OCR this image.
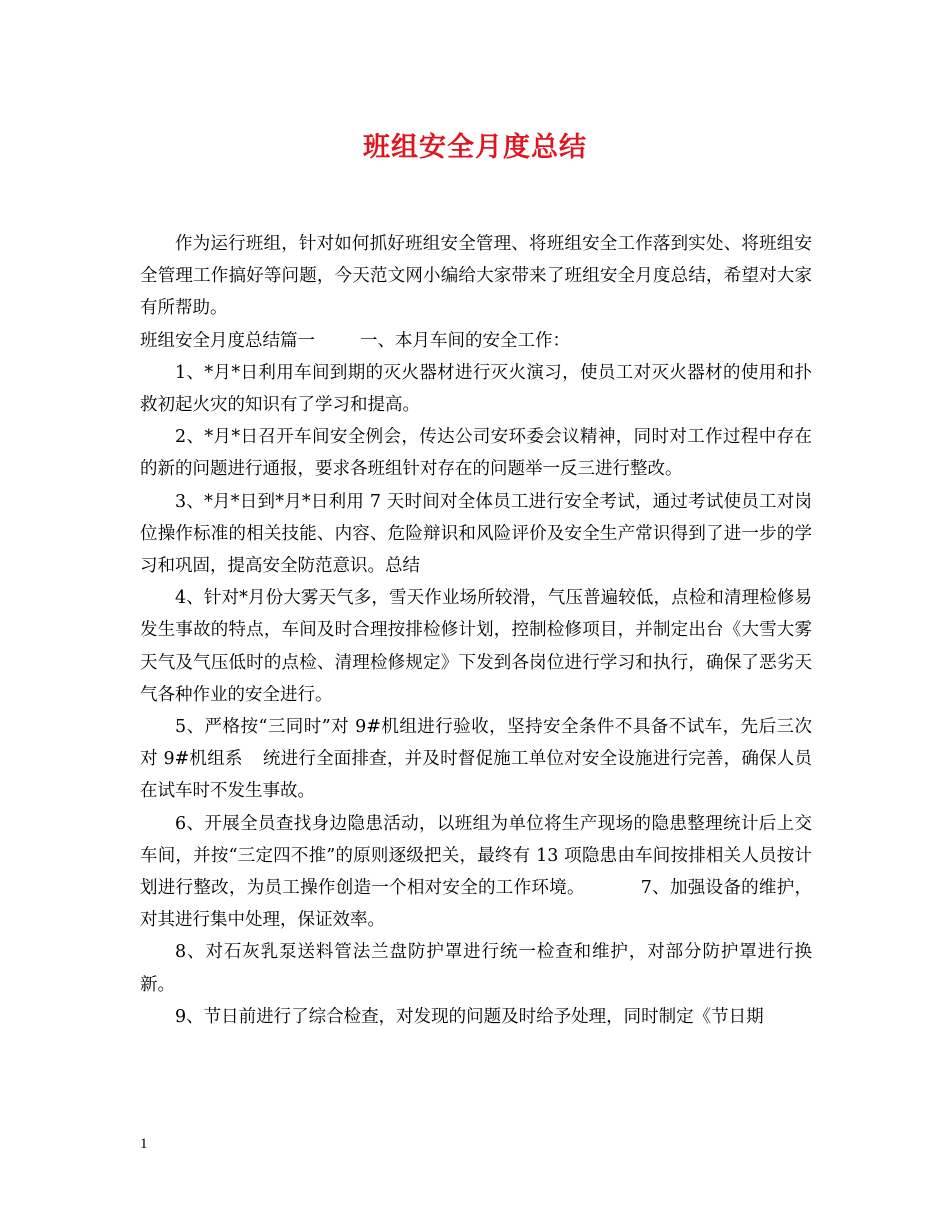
班组安全月度总结

作为运行班组，针对如何抓好班组安全管理、将班组安全工作落到实处、将班组安全管理工作搞好等问题，今天范文网小编给大家带来了班组安全月度总结，希望对大家有所帮助。

班组安全月度总结篇一	一、本月车间的安全工作：

1、*月*日利用车间到期的灭火器材进行灭火演习，使员工对灭火器材的使用和扑救初起火灾的知识有了学习和提高。

2、*月*日召开车间安全例会，传达公司安环委会议精神，同时对工作过程中存在的新的问题进行通报，要求各班组针对存在的问题举一反三进行整改。

3、*月*日到*月*日利用 7 天时间对全体员工进行安全考试，通过考试使员工对岗位操作标准的相关技能、内容、危险辩识和风险评价及安全生产常识得到了进一步的学习和巩固，提高安全防范意识。总结

4、针对*月份大雾天气多，雪天作业场所较滑，气压普遍较低，点检和清理检修易发生事故的特点，车间及时合理按排检修计划，控制检修项目，并制定出台《大雪大雾天气及气压低时的点检、清理检修规定》下发到各岗位进行学习和执行，确保了恶劣天气各种作业的安全进行。

5、严格按“三同时”对 9#机组进行验收，坚持安全条件不具备不试车，先后三次对 9#机组系 统进行全面排查，并及时督促施工单位对安全设施进行完善，确保人员在试车时不发生事故。

6、开展全员查找身边隐患活动，以班组为单位将生产现场的隐患整理统计后上交车间，并按“三定四不推”的原则逐级把关，最终有 13 项隐患由车间按排相关人员按计划进行整改，为员工操作创造一个相对安全的工作环境。	7、加强设备的维护，对其进行集中处理，保证效率。

8、对石灰乳泵送料管法兰盘防护罩进行统一检查和维护，对部分防护罩进行换新。

9、节日前进行了综合检查，对发现的问题及时给予处理，同时制定《节日期

1
